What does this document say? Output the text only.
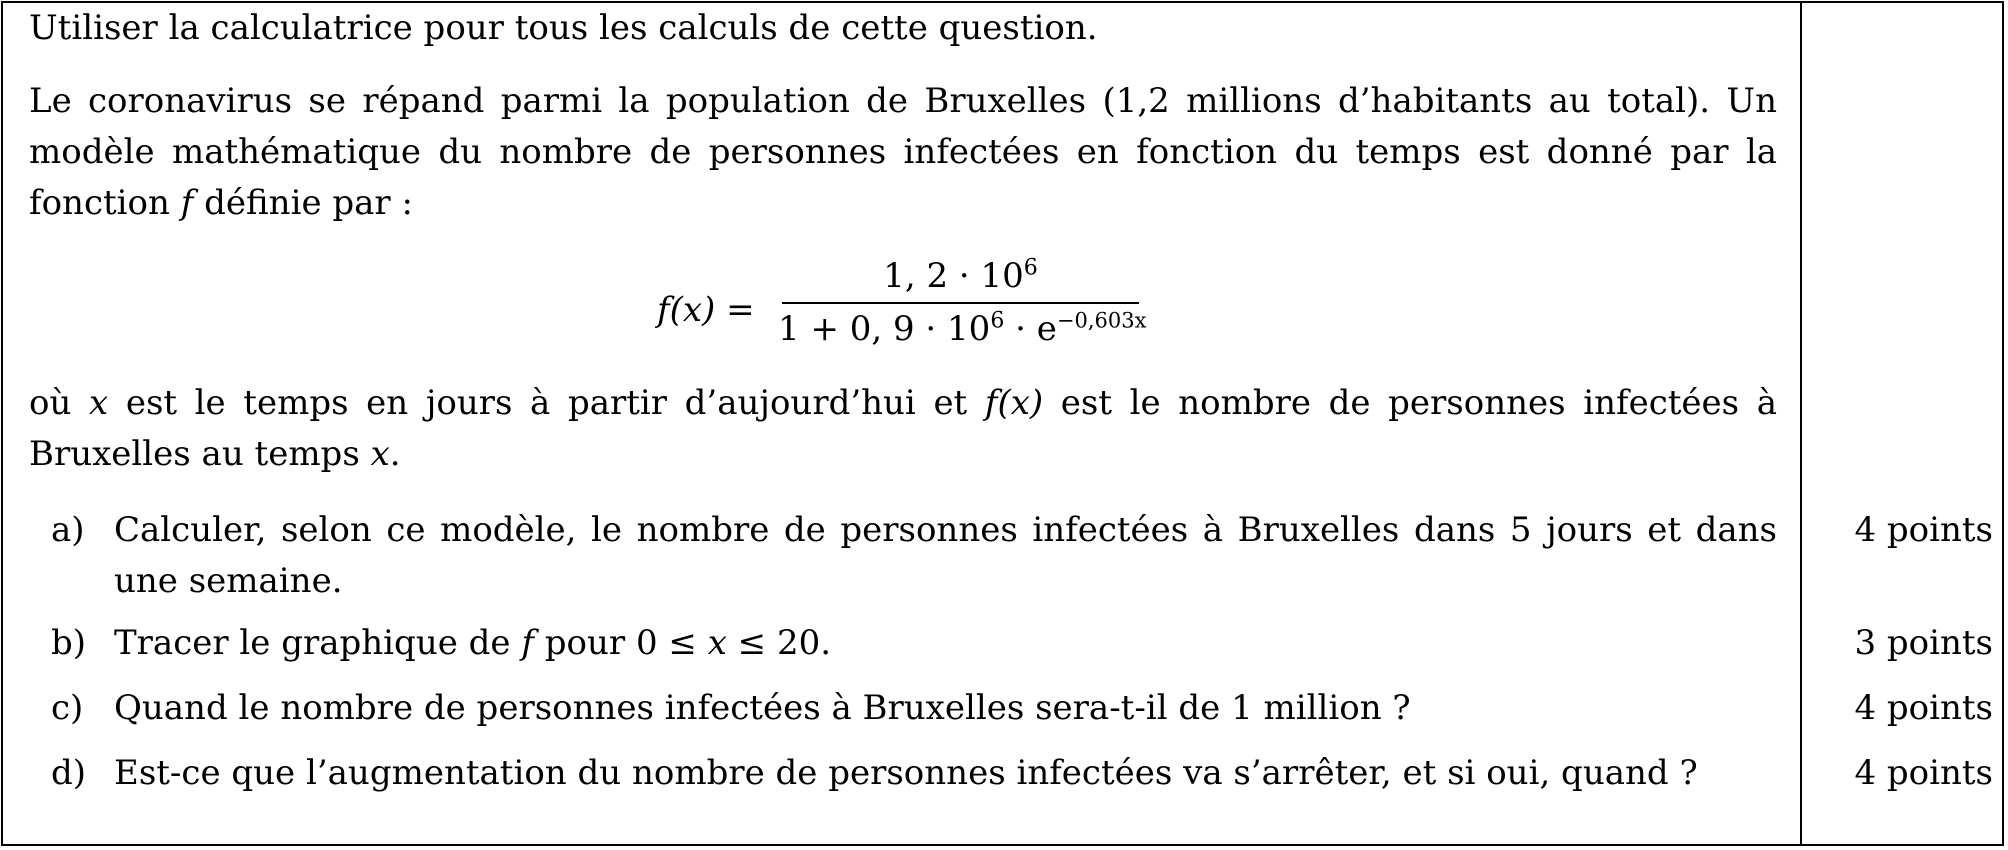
Utiliser la calculatrice pour tous les calculs de cette question.
Le coronavirus se répand parmi la population de Bruxelles (1,2 millions d’habitants au total). Un modèle mathématique du nombre de personnes infectées en fonction du temps est donné par la fonction f définie par :
f(x) =
1, $2 \cdot 10^6$
1 + 0, $9 \cdot 10^6 \cdot e^{-0,603x}$
où x est le temps en jours à partir d’aujourd’hui et f(x) est le nombre de personnes infectées à Bruxelles au temps x.
a) Calculer, selon ce modèle, le nombre de personnes infectées à Bruxelles dans 5 jours et dans une semaine.
4 points
b) Tracer le graphique de f pour 0 ≤ x ≤ 20.	3 points
c) Quand le nombre de personnes infectées à Bruxelles sera-t-il de 1 million ?	4 points
d) Est-ce que l’augmentation du nombre de personnes infectées va s’arrêter, et si oui, quand ?	4 points
